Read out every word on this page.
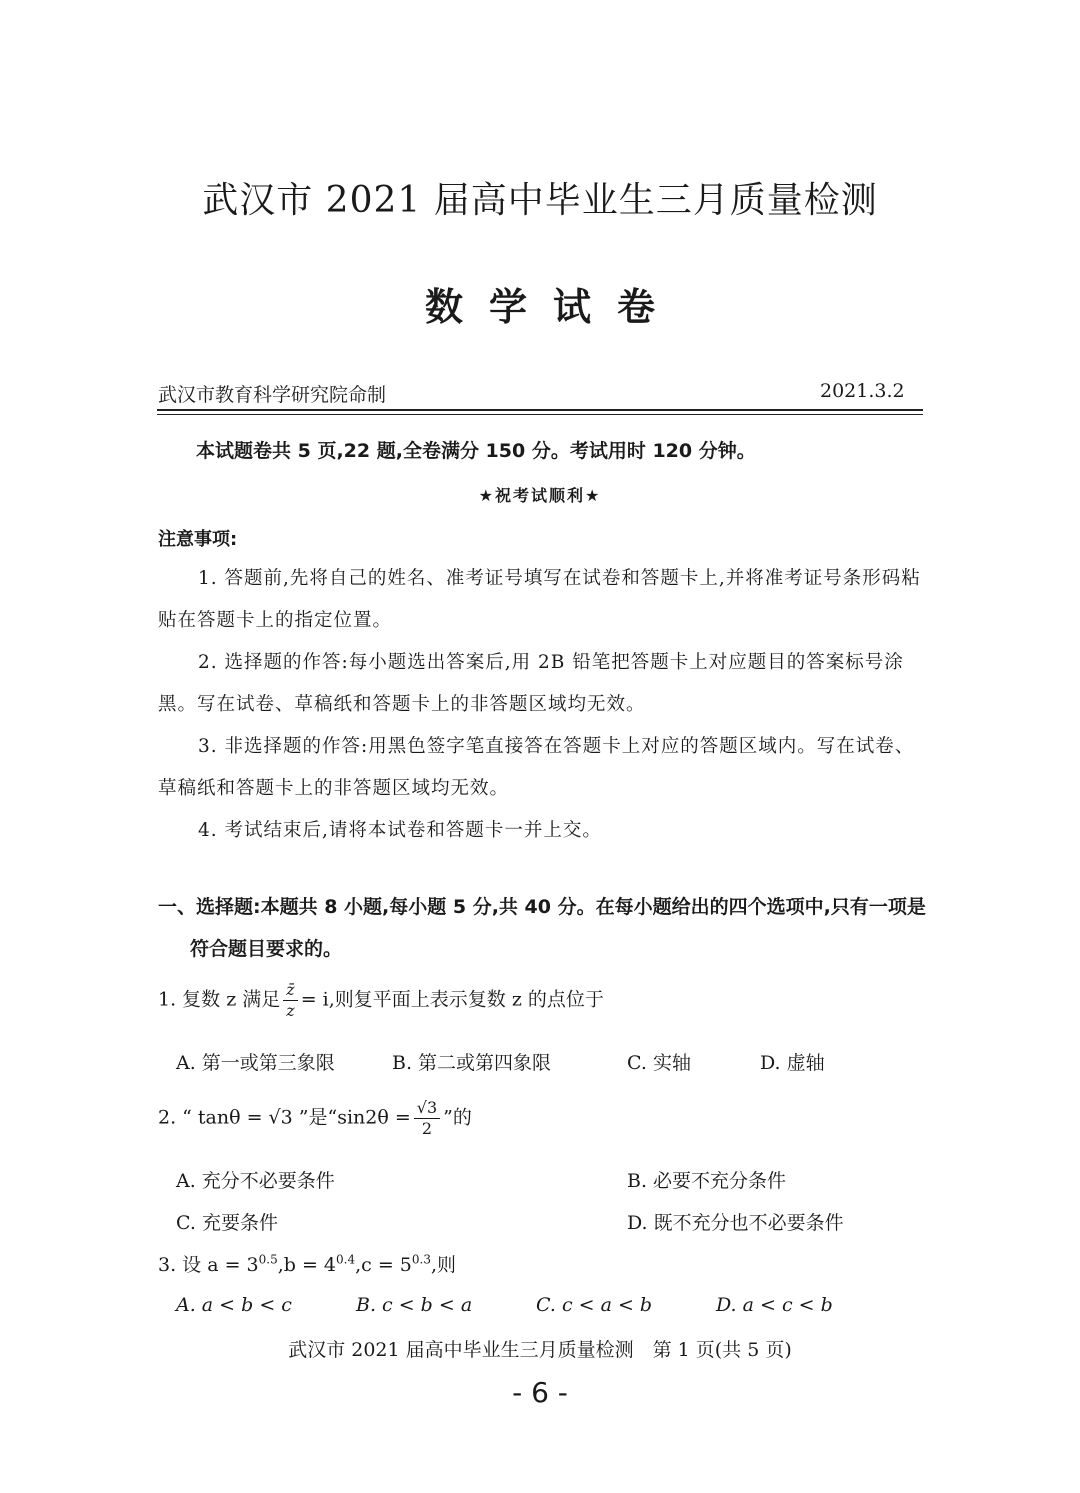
武汉市 2021 届高中毕业生三月质量检测
数学试卷
武汉市教育科学研究院命制	2021.3.2
本试题卷共 5 页,22 题,全卷满分 150 分。考试用时 120 分钟。
★祝考试顺利★
注意事项:
1. 答题前,先将自己的姓名、准考证号填写在试卷和答题卡上,并将准考证号条形码粘贴在答题卡上的指定位置。
2. 选择题的作答:每小题选出答案后,用 2B 铅笔把答题卡上对应题目的答案标号涂黑。写在试卷、草稿纸和答题卡上的非答题区域均无效。
3. 非选择题的作答:用黑色签字笔直接答在答题卡上对应的答题区域内。写在试卷、草稿纸和答题卡上的非答题区域均无效。
4. 考试结束后,请将本试卷和答题卡一并上交。
一、选择题:本题共 8 小题,每小题 5 分,共 40 分。在每小题给出的四个选项中,只有一项是符合题目要求的。
1. 复数 z 满足 $\frac{z̄}{z} = i$,则复平面上表示复数 z 的点位于
A. 第一或第三象限	B. 第二或第四象限	C. 实轴	D. 虚轴
2. “ tanθ = √3 ”是“$\sin 2\theta = \frac{√3}{2}$ ”的
A. 充分不必要条件	B. 必要不充分条件
C. 充要条件	D. 既不充分也不必要条件
3. 设 $a = 3^{0.5},b = 4^{0.4},c = 5^{0.3}$,则
A. a < b < c	B. c < b < a	C. c < a < b	D. a < c < b
武汉市 2021 届高中毕业生三月质量检测　第 1 页(共 5 页)
- 6 -
